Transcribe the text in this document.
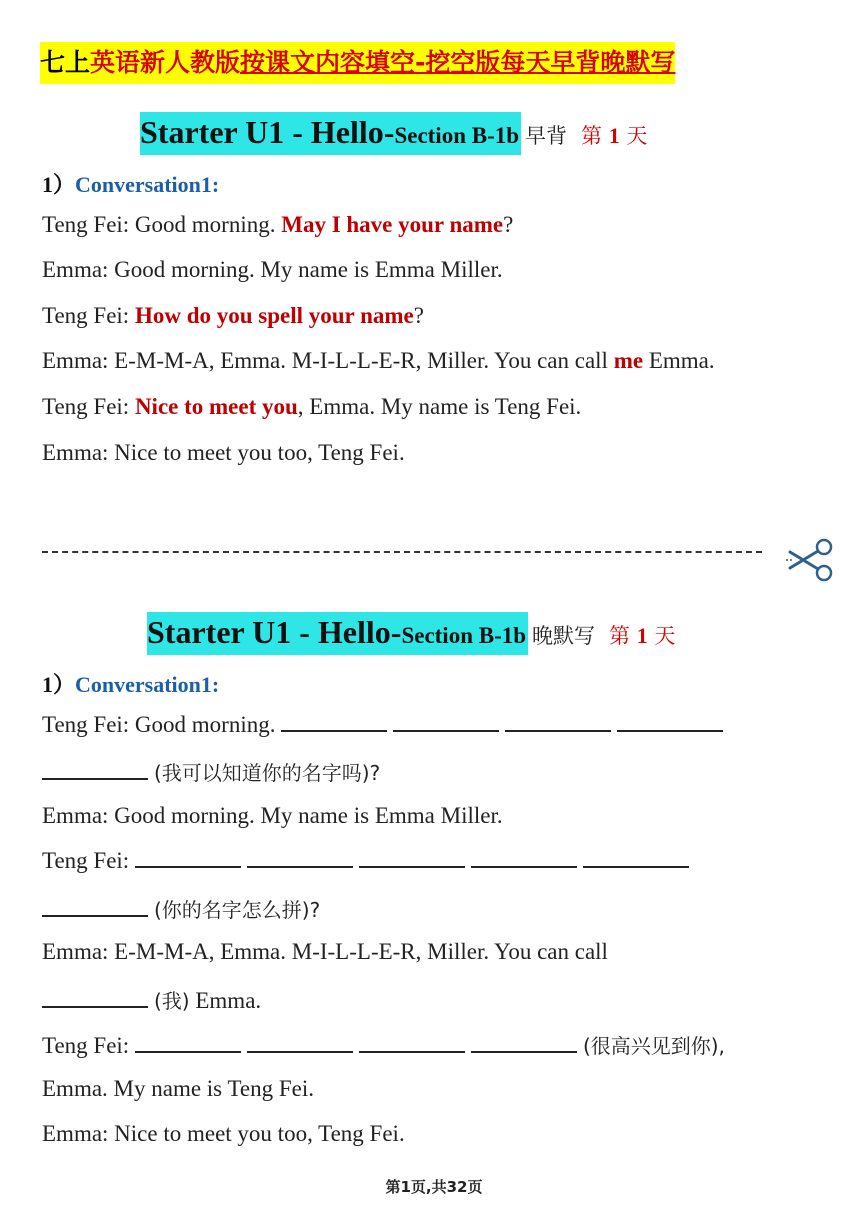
七上 英语新人教版 按课文内容填空 -挖空版每天早背晚默写
Starter U1 - Hello-Section B-1b 早背 第 1 天
1）Conversation1:
Teng Fei: Good morning. May I have your name?
Emma: Good morning. My name is Emma Miller.
Teng Fei: How do you spell your name?
Emma: E-M-M-A, Emma. M-I-L-L-E-R, Miller. You can call me Emma.
Teng Fei: Nice to meet you, Emma. My name is Teng Fei.
Emma: Nice to meet you too, Teng Fei.
Starter U1 - Hello-Section B-1b 晚默写 第 1 天
1）Conversation1:
Teng Fei: Good morning.
(我可以知道你的名字吗)?
Emma: Good morning. My name is Emma Miller.
Teng Fei:
(你的名字怎么拼)?
Emma: E-M-M-A, Emma. M-I-L-L-E-R, Miller. You can call
(我) Emma.
Teng Fei:	(很高兴见到你),
Emma. My name is Teng Fei.
Emma: Nice to meet you too, Teng Fei.
第1页,共32页
